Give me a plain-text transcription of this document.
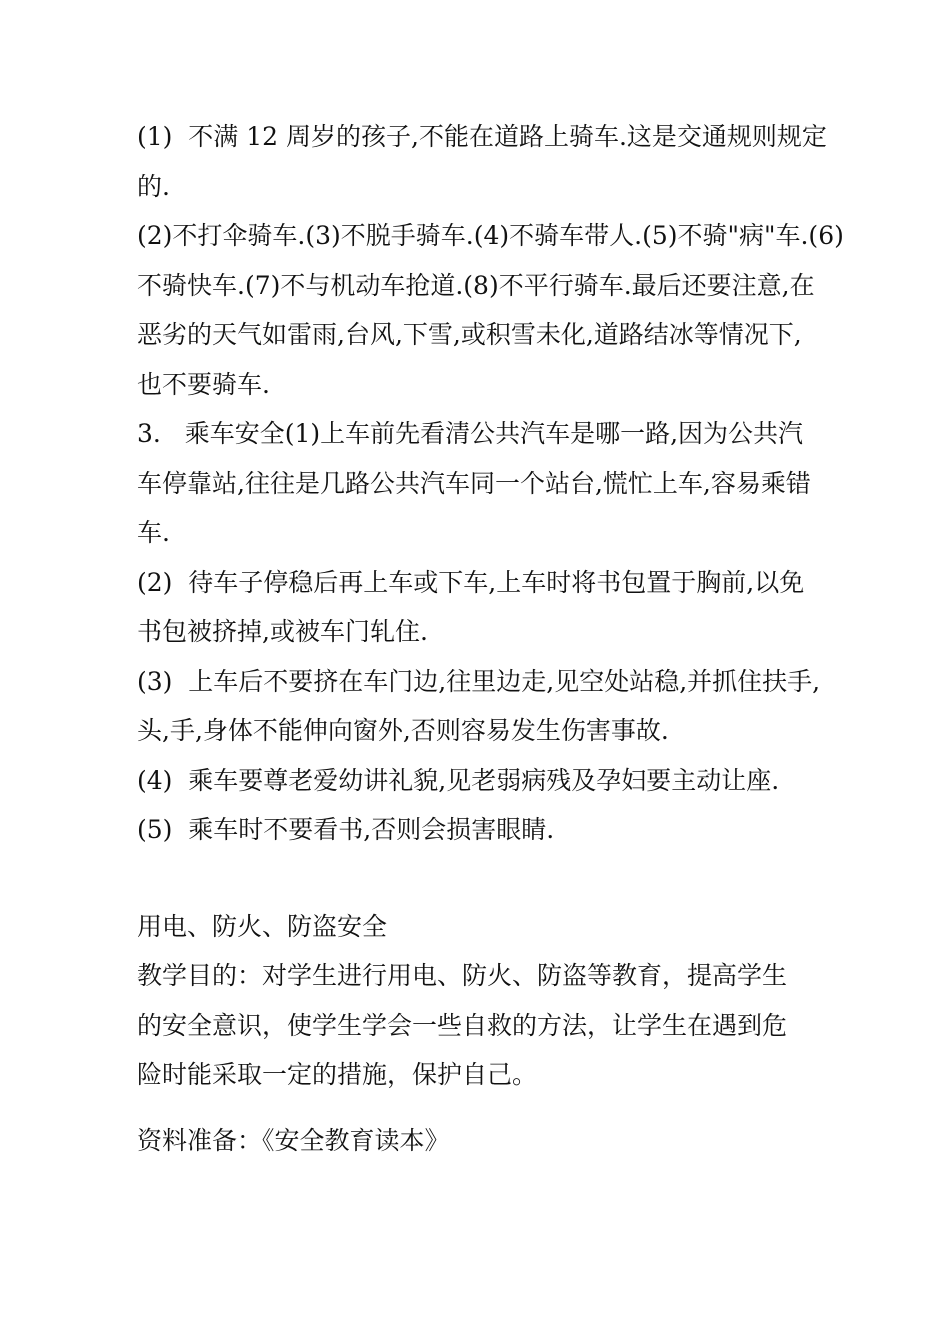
(1)  不满 12 周岁的孩子,不能在道路上骑车.这是交通规则规定
的.

(2)不打伞骑车.(3)不脱手骑车.(4)不骑车带人.(5)不骑"病"车.(6)
不骑快车.(7)不与机动车抢道.(8)不平行骑车.最后还要注意,在
恶劣的天气如雷雨,台风,下雪,或积雪未化,道路结冰等情况下,
也不要骑车.

3.   乘车安全(1)上车前先看清公共汽车是哪一路,因为公共汽
车停靠站,往往是几路公共汽车同一个站台,慌忙上车,容易乘错
车.

(2)  待车子停稳后再上车或下车,上车时将书包置于胸前,以免
书包被挤掉,或被车门轧住.

(3)  上车后不要挤在车门边,往里边走,见空处站稳,并抓住扶手,
头,手,身体不能伸向窗外,否则容易发生伤害事故.

(4)  乘车要尊老爱幼讲礼貌,见老弱病残及孕妇要主动让座.

(5)  乘车时不要看书,否则会损害眼睛.

用电、防火、防盗安全

教学目的：对学生进行用电、防火、防盗等教育，提高学生
的安全意识，使学生学会一些自救的方法，让学生在遇到危
险时能采取一定的措施，保护自己。

资料准备：《安全教育读本》
